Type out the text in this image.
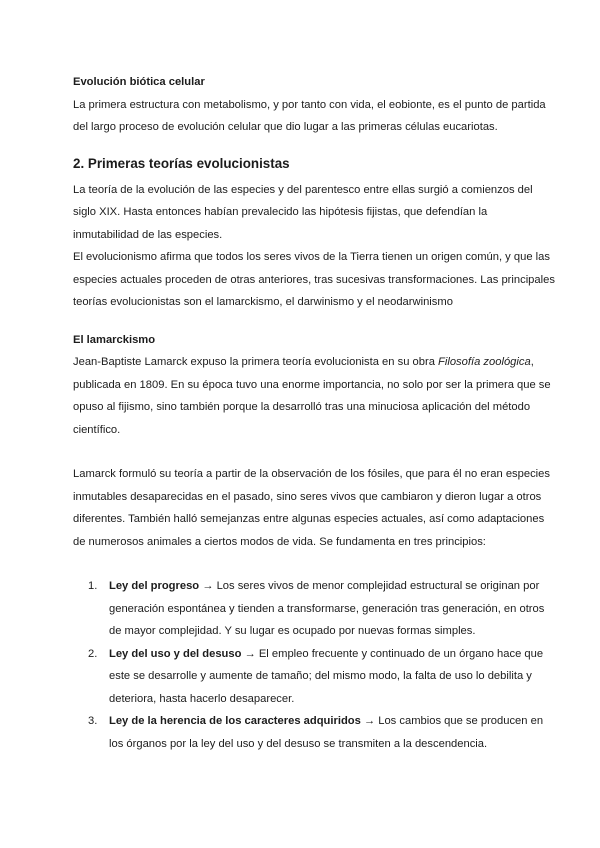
Evolución biótica celular

La primera estructura con metabolismo, y por tanto con vida, el eobionte, es el punto de partida
del largo proceso de evolución celular que dio lugar a las primeras células eucariotas.

2. Primeras teorías evolucionistas

La teoría de la evolución de las especies y del parentesco entre ellas surgió a comienzos del
siglo XIX. Hasta entonces habían prevalecido las hipótesis fijistas, que defendían la
inmutabilidad de las especies.

El evolucionismo afirma que todos los seres vivos de la Tierra tienen un origen común, y que las
especies actuales proceden de otras anteriores, tras sucesivas transformaciones. Las principales
teorías evolucionistas son el lamarckismo, el darwinismo y el neodarwinismo

El lamarckismo

Jean-Baptiste Lamarck expuso la primera teoría evolucionista en su obra Filosofía zoológica,
publicada en 1809. En su época tuvo una enorme importancia, no solo por ser la primera que se
opuso al fijismo, sino también porque la desarrolló tras una minuciosa aplicación del método
científico.

Lamarck formuló su teoría a partir de la observación de los fósiles, que para él no eran especies
inmutables desaparecidas en el pasado, sino seres vivos que cambiaron y dieron lugar a otros
diferentes. También halló semejanzas entre algunas especies actuales, así como adaptaciones
de numerosos animales a ciertos modos de vida. Se fundamenta en tres principios:

1. Ley del progreso → Los seres vivos de menor complejidad estructural se originan por
generación espontánea y tienden a transformarse, generación tras generación, en otros
de mayor complejidad. Y su lugar es ocupado por nuevas formas simples.
2. Ley del uso y del desuso → El empleo frecuente y continuado de un órgano hace que
este se desarrolle y aumente de tamaño; del mismo modo, la falta de uso lo debilita y
deteriora, hasta hacerlo desaparecer.
3. Ley de la herencia de los caracteres adquiridos → Los cambios que se producen en
los órganos por la ley del uso y del desuso se transmiten a la descendencia.
